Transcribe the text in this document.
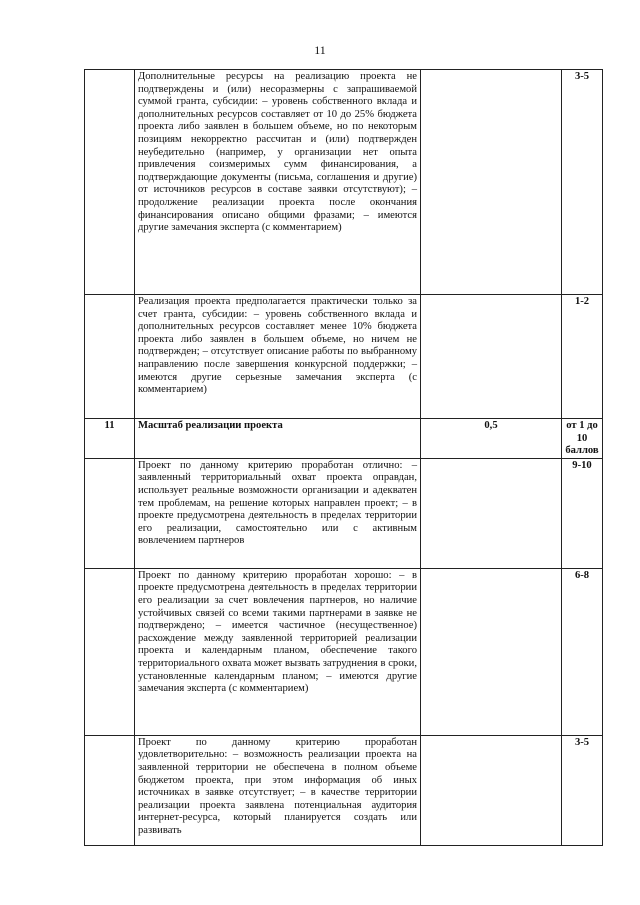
11
	Дополнительные ресурсы на реализацию проекта не подтверждены и (или) несоразмерны с запрашиваемой суммой гранта, субсидии: – уровень собственного вклада и дополнительных ресурсов составляет от 10 до 25% бюджета проекта либо заявлен в большем объеме, но по некоторым позициям некорректно рассчитан и (или) подтвержден неубедительно (например, у организации нет опыта привлечения соизмеримых сумм финансирования, а подтверждающие документы (письма, соглашения и другие) от источников ресурсов в составе заявки отсутствуют); – продолжение реализации проекта после окончания финансирования описано общими фразами; – имеются другие замечания эксперта (с комментарием)		3-5
	Реализация проекта предполагается практически только за счет гранта, субсидии: – уровень собственного вклада и дополнительных ресурсов составляет менее 10% бюджета проекта либо заявлен в большем объеме, но ничем не подтвержден; – отсутствует описание работы по выбранному направлению после завершения конкурсной поддержки; – имеются другие серьезные замечания эксперта (с комментарием)		1-2
11	Масштаб реализации проекта	0,5	от 1 до 10 баллов
	Проект по данному критерию проработан отлично: – заявленный территориальный охват проекта оправдан, использует реальные возможности организации и адекватен тем проблемам, на решение которых направлен проект; – в проекте предусмотрена деятельность в пределах территории его реализации, самостоятельно или с активным вовлечением партнеров		9-10
	Проект по данному критерию проработан хорошо: – в проекте предусмотрена деятельность в пределах территории его реализации за счет вовлечения партнеров, но наличие устойчивых связей со всеми такими партнерами в заявке не подтверждено; – имеется частичное (несущественное) расхождение между заявленной территорией реализации проекта и календарным планом, обеспечение такого территориального охвата может вызвать затруднения в сроки, установленные календарным планом; – имеются другие замечания эксперта (с комментарием)		6-8
	Проект по данному критерию проработан удовлетворительно: – возможность реализации проекта на заявленной территории не обеспечена в полном объеме бюджетом проекта, при этом информация об иных источниках в заявке отсутствует; – в качестве территории реализации проекта заявлена потенциальная аудитория интернет-ресурса, который планируется создать или развивать		3-5
